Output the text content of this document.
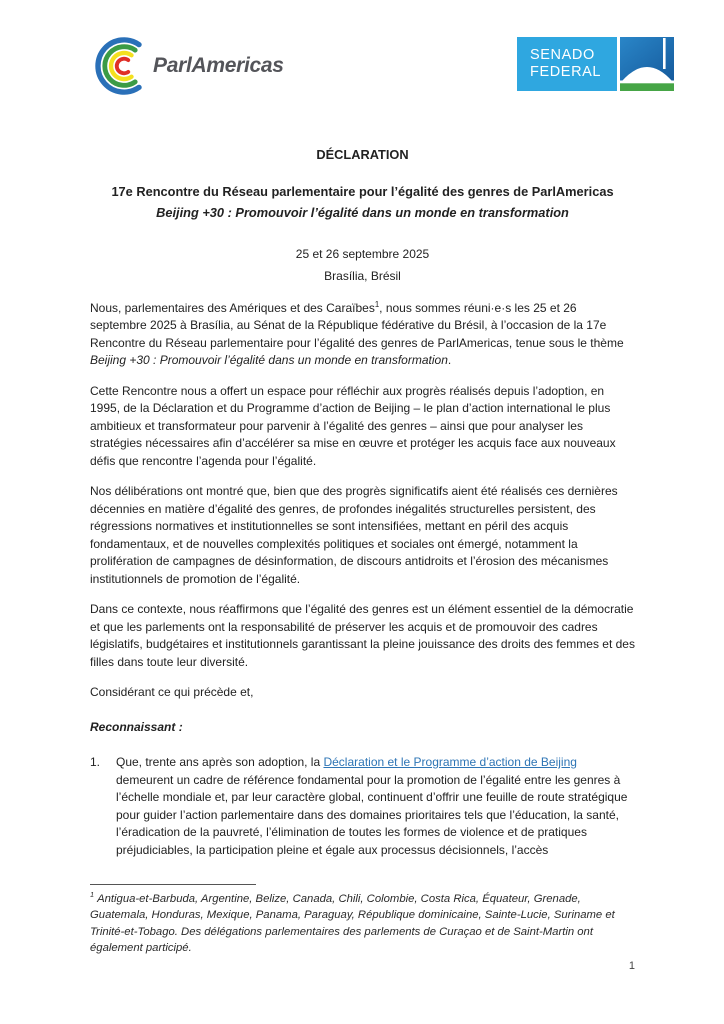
ParlAmericas	SENADO
FEDERAL
DÉCLARATION
17e Rencontre du Réseau parlementaire pour l’égalité des genres de ParlAmericas
Beijing +30 : Promouvoir l’égalité dans un monde en transformation
25 et 26 septembre 2025
Brasília, Brésil

Nous, parlementaires des Amériques et des Caraïbes$^1$, nous sommes réuni·e·s les 25 et 26 septembre 2025 à Brasília, au Sénat de la République fédérative du Brésil, à l’occasion de la 17e Rencontre du Réseau parlementaire pour l’égalité des genres de ParlAmericas, tenue sous le thème Beijing +30 : Promouvoir l’égalité dans un monde en transformation.

Cette Rencontre nous a offert un espace pour réfléchir aux progrès réalisés depuis l’adoption, en 1995, de la Déclaration et du Programme d’action de Beijing – le plan d’action international le plus ambitieux et transformateur pour parvenir à l’égalité des genres – ainsi que pour analyser les stratégies nécessaires afin d’accélérer sa mise en œuvre et protéger les acquis face aux nouveaux défis que rencontre l’agenda pour l’égalité.

Nos délibérations ont montré que, bien que des progrès significatifs aient été réalisés ces dernières décennies en matière d’égalité des genres, de profondes inégalités structurelles persistent, des régressions normatives et institutionnelles se sont intensifiées, mettant en péril des acquis fondamentaux, et de nouvelles complexités politiques et sociales ont émergé, notamment la prolifération de campagnes de désinformation, de discours antidroits et l’érosion des mécanismes institutionnels de promotion de l’égalité.

Dans ce contexte, nous réaffirmons que l’égalité des genres est un élément essentiel de la démocratie et que les parlements ont la responsabilité de préserver les acquis et de promouvoir des cadres législatifs, budgétaires et institutionnels garantissant la pleine jouissance des droits des femmes et des filles dans toute leur diversité.

Considérant ce qui précède et,

Reconnaissant :

1.	Que, trente ans après son adoption, la Déclaration et le Programme d’action de Beijing demeurent un cadre de référence fondamental pour la promotion de l’égalité entre les genres à l’échelle mondiale et, par leur caractère global, continuent d’offrir une feuille de route stratégique pour guider l’action parlementaire dans des domaines prioritaires tels que l’éducation, la santé, l’éradication de la pauvreté, l’élimination de toutes les formes de violence et de pratiques préjudiciables, la participation pleine et égale aux processus décisionnels, l’accès
$^1$ Antigua-et-Barbuda, Argentine, Belize, Canada, Chili, Colombie, Costa Rica, Équateur, Grenade, Guatemala, Honduras, Mexique, Panama, Paraguay, République dominicaine, Sainte-Lucie, Suriname et Trinité-et-Tobago. Des délégations parlementaires des parlements de Curaçao et de Saint-Martin ont également participé.
1
